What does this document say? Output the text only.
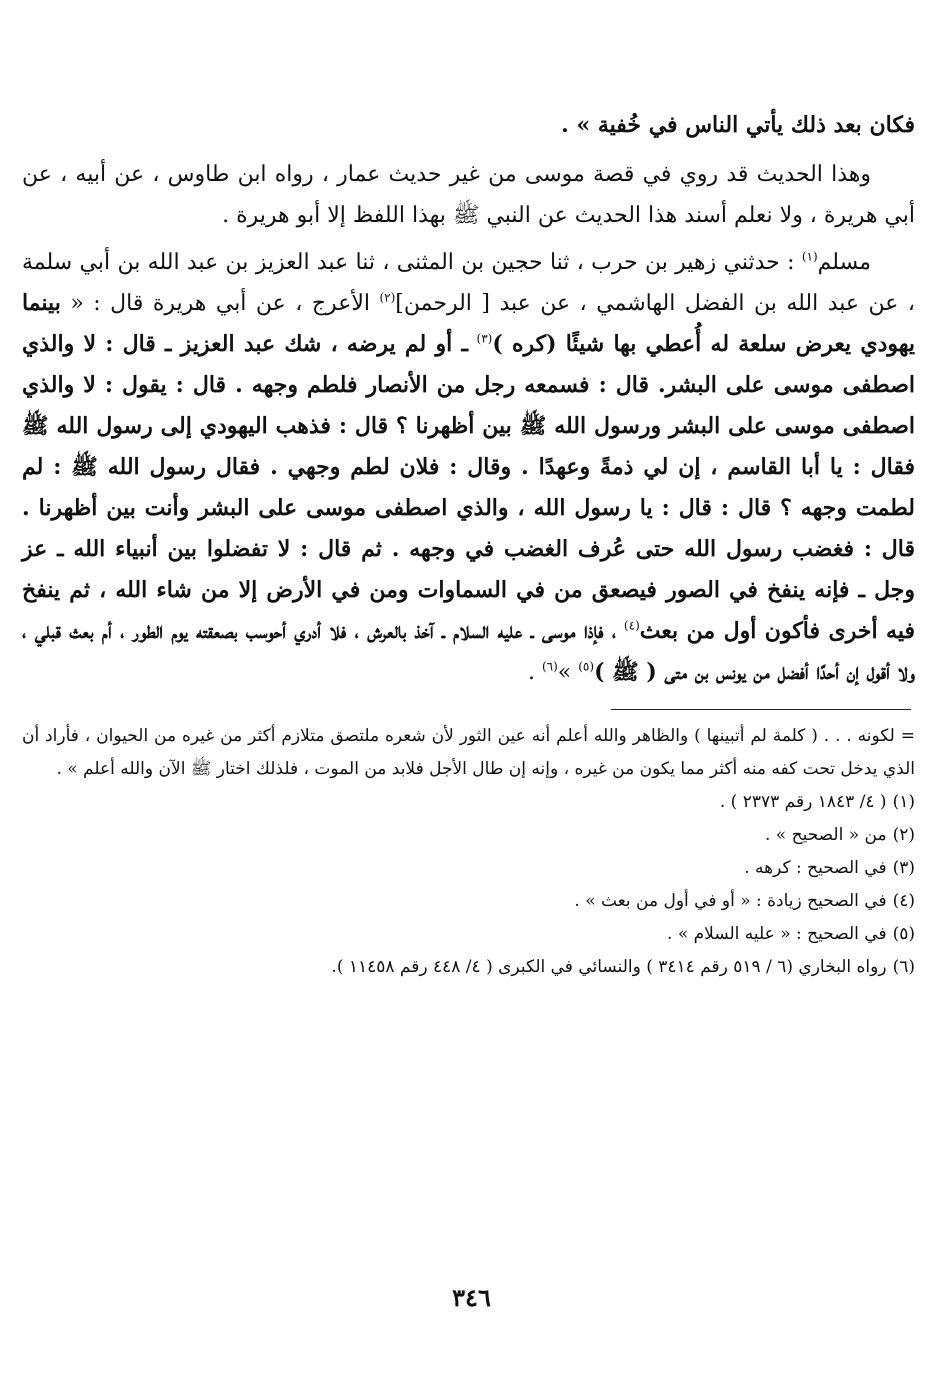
فكان بعد ذلك يأتي الناس في خُفية » .

وهذا الحديث قد روي في قصة موسى من غير حديث عمار ، رواه ابن طاوس ، عن أبيه ، عن أبي هريرة ، ولا نعلم أسند هذا الحديث عن النبي ﷺ بهذا اللفظ إلا أبو هريرة .

مسلم$^{(١)}$ : حدثني زهير بن حرب ، ثنا حجين بن المثنى ، ثنا عبد العزيز بن عبد الله بن أبي سلمة ، عن عبد الله بن الفضل الهاشمي ، عن عبد [ الرحمن]$^{(٢)}$ الأعرج ، عن أبي هريرة قال : « بينما يهودي يعرض سلعة له أُعطي بها شيئًا (كره )$^{(٣)}$ ـ أو لم يرضه ، شك عبد العزيز ـ قال : لا والذي اصطفى موسى على البشر. قال : فسمعه رجل من الأنصار فلطم وجهه . قال : يقول : لا والذي اصطفى موسى على البشر ورسول الله ﷺ بين أظهرنا ؟ قال : فذهب اليهودي إلى رسول الله ﷺ فقال : يا أبا القاسم ، إن لي ذمةً وعهدًا . وقال : فلان لطم وجهي . فقال رسول الله ﷺ : لم لطمت وجهه ؟ قال : قال : يا رسول الله ، والذي اصطفى موسى على البشر وأنت بين أظهرنا . قال : فغضب رسول الله حتى عُرف الغضب في وجهه . ثم قال : لا تفضلوا بين أنبياء الله ـ عز وجل ـ فإنه ينفخ في الصور فيصعق من في السماوات ومن في الأرض إلا من شاء الله ، ثم ينفخ فيه أخرى فأكون أول من بعث$^{(٤)}$ ، فإذا موسى ـ عليه السلام ـ آخذ بالعرش ، فلا أدري أحوسب بصعقته يوم الطور ، أم بعث قبلي ، ولا أقول إن أحدًا أفضل من يونس بن متى ( ﷺ )$^{(٥)}$ »$^{(٦)}$ .

= لكونه . . . ( كلمة لم أتبينها ) والظاهر والله أعلم أنه عين الثور لأن شعره ملتصق متلازم أكثر من غيره من الحيوان ، فأراد أن الذي يدخل تحت كفه منه أكثر مما يكون من غيره ، وإنه إن طال الأجل فلابد من الموت ، فلذلك اختار ﷺ الآن والله أعلم » .

(١)( ٤/ ١٨٤٣ رقم ٢٣٧٣ ) .

(٢)من « الصحيح » .

(٣)في الصحيح : كرهه .

(٤)في الصحيح زيادة : « أو في أول من بعث » .

(٥)في الصحيح : « عليه السلام » .

(٦)رواه البخاري (٦ / ٥١٩ رقم ٣٤١٤ ) والنسائي في الكبرى ( ٤/ ٤٤٨ رقم ١١٤٥٨ ).

٣٤٦
